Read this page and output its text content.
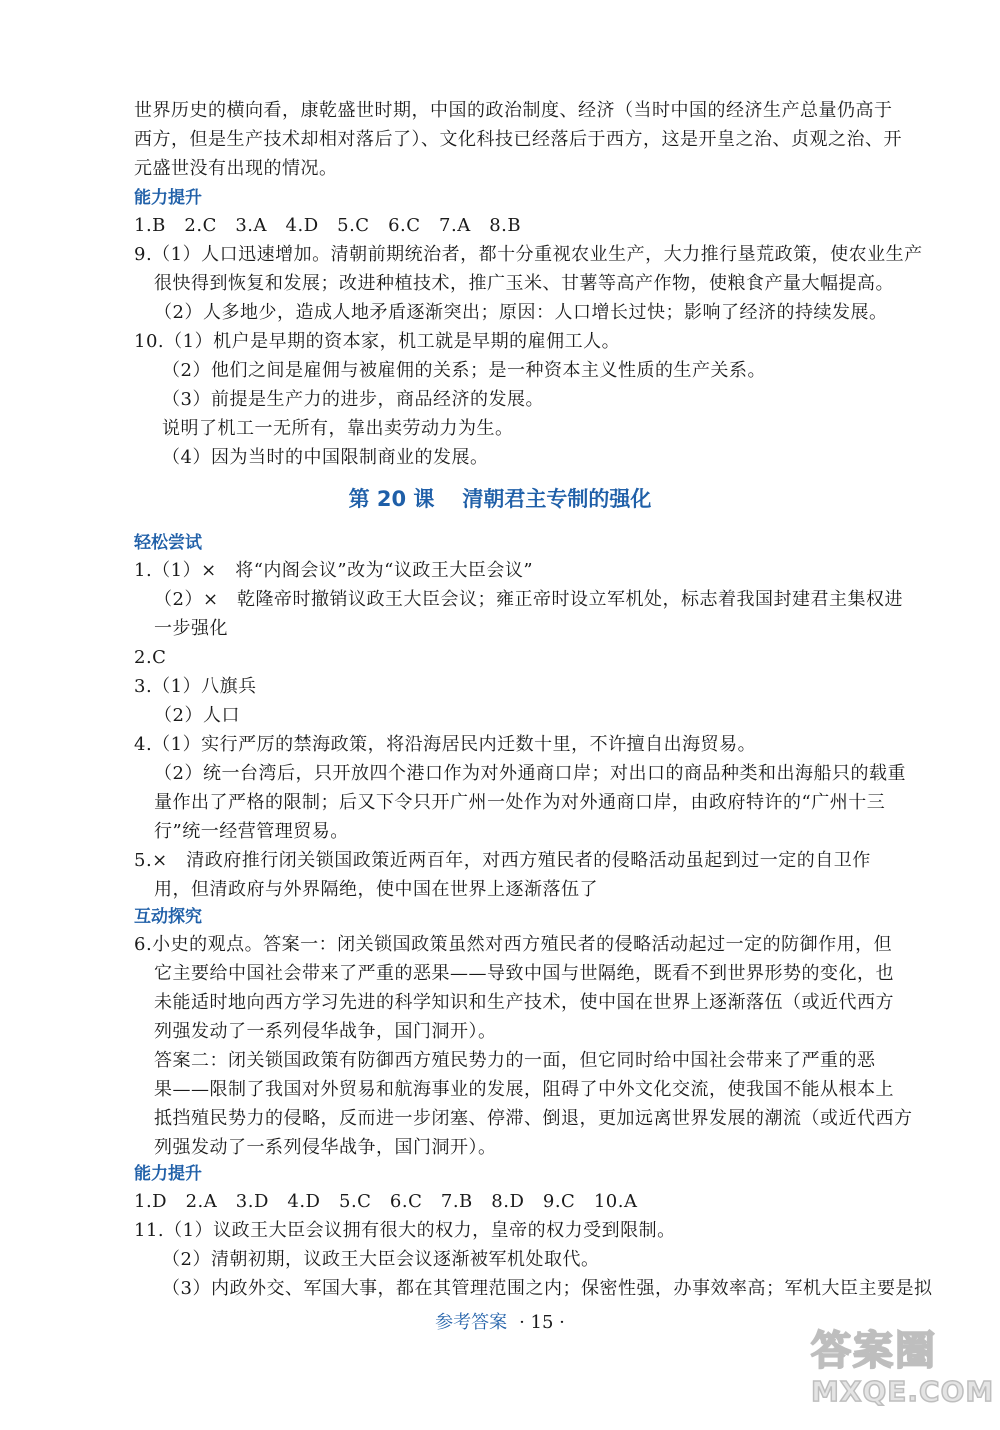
世界历史的横向看，康乾盛世时期，中国的政治制度、经济（当时中国的经济生产总量仍高于
西方，但是生产技术却相对落后了）、文化科技已经落后于西方，这是开皇之治、贞观之治、开
元盛世没有出现的情况。
能力提升
1.B　2.C　3.A　4.D　5.C　6.C　7.A　8.B
9.（1）人口迅速增加。清朝前期统治者，都十分重视农业生产，大力推行垦荒政策，使农业生产
很快得到恢复和发展；改进种植技术，推广玉米、甘薯等高产作物，使粮食产量大幅提高。
（2）人多地少，造成人地矛盾逐渐突出；原因：人口增长过快；影响了经济的持续发展。
10.（1）机户是早期的资本家，机工就是早期的雇佣工人。
（2）他们之间是雇佣与被雇佣的关系；是一种资本主义性质的生产关系。
（3）前提是生产力的进步，商品经济的发展。
说明了机工一无所有，靠出卖劳动力为生。
（4）因为当时的中国限制商业的发展。
第 20 课 清朝君主专制的强化
轻松尝试
1.（1）×　将“内阁会议”改为“议政王大臣会议”
（2）×　乾隆帝时撤销议政王大臣会议；雍正帝时设立军机处，标志着我国封建君主集权进
一步强化
2.C
3.（1）八旗兵
（2）人口
4.（1）实行严厉的禁海政策，将沿海居民内迁数十里，不许擅自出海贸易。
（2）统一台湾后，只开放四个港口作为对外通商口岸；对出口的商品种类和出海船只的载重
量作出了严格的限制；后又下令只开广州一处作为对外通商口岸，由政府特许的“广州十三
行”统一经营管理贸易。
5.×　清政府推行闭关锁国政策近两百年，对西方殖民者的侵略活动虽起到过一定的自卫作
用，但清政府与外界隔绝，使中国在世界上逐渐落伍了
互动探究
6.小史的观点。答案一：闭关锁国政策虽然对西方殖民者的侵略活动起过一定的防御作用，但
它主要给中国社会带来了严重的恶果——导致中国与世隔绝，既看不到世界形势的变化，也
未能适时地向西方学习先进的科学知识和生产技术，使中国在世界上逐渐落伍（或近代西方
列强发动了一系列侵华战争，国门洞开）。
答案二：闭关锁国政策有防御西方殖民势力的一面，但它同时给中国社会带来了严重的恶
果——限制了我国对外贸易和航海事业的发展，阻碍了中外文化交流，使我国不能从根本上
抵挡殖民势力的侵略，反而进一步闭塞、停滞、倒退，更加远离世界发展的潮流（或近代西方
列强发动了一系列侵华战争，国门洞开）。
能力提升
1.D　2.A　3.D　4.D　5.C　6.C　7.B　8.D　9.C　10.A
11.（1）议政王大臣会议拥有很大的权力，皇帝的权力受到限制。
（2）清朝初期，议政王大臣会议逐渐被军机处取代。
（3）内政外交、军国大事，都在其管理范围之内；保密性强，办事效率高；军机大臣主要是拟
参考答案 · 15 ·
答案圈
MXQE.COM
